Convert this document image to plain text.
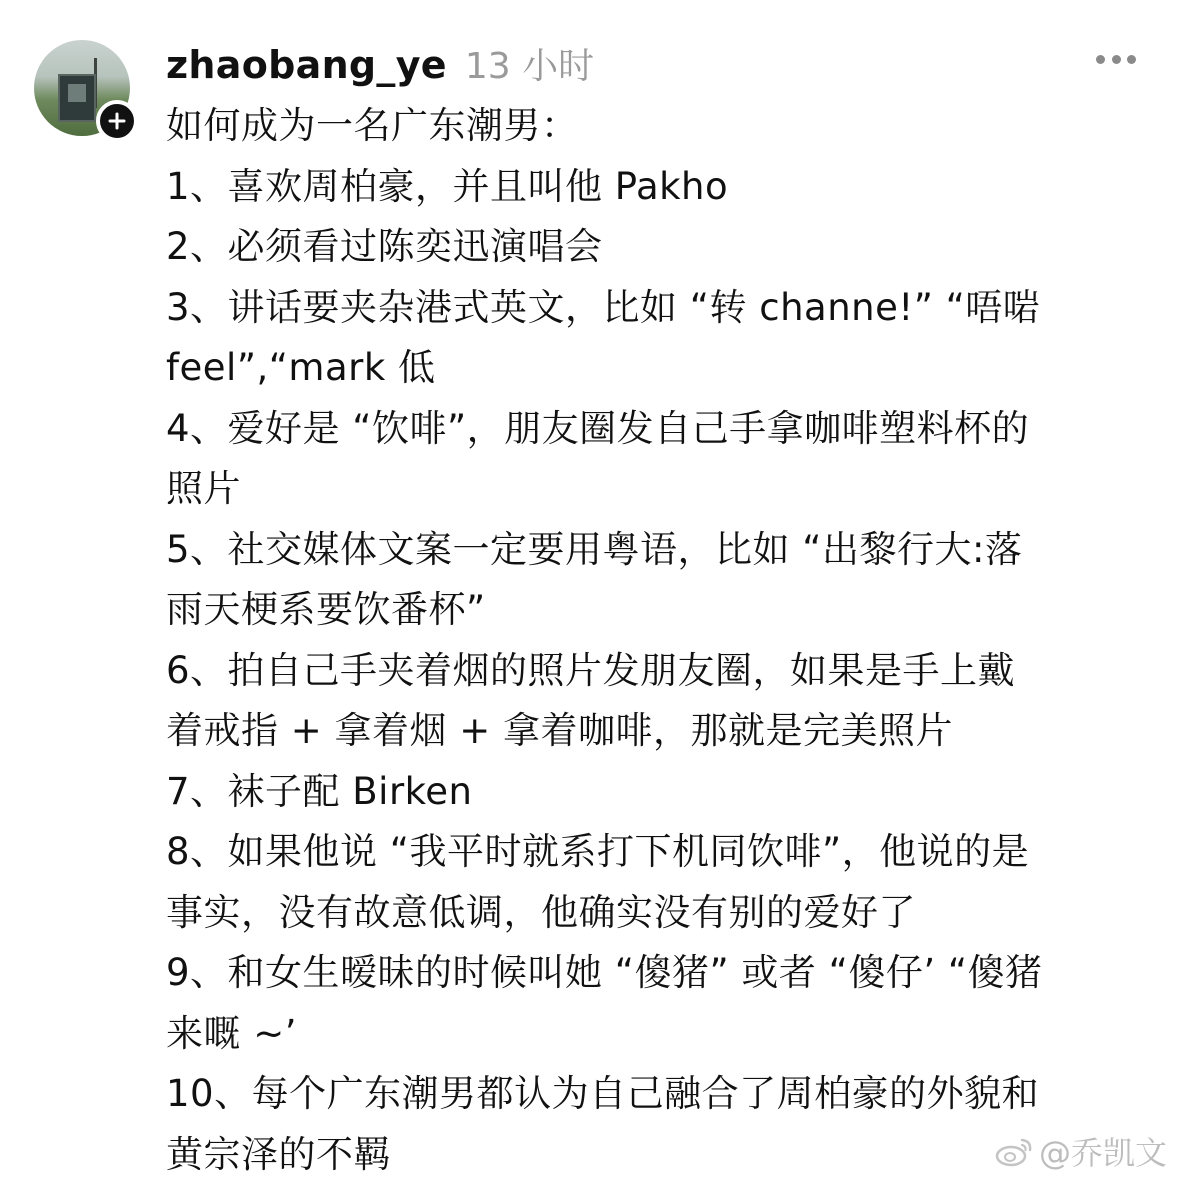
zhaobang_ye 13 小时
如何成为一名广东潮男：
1、喜欢周柏豪，并且叫他 Pakho
2、必须看过陈奕迅演唱会
3、讲话要夹杂港式英文，比如 “转 channe!” “唔啱
feel”,“mark 低
4、爱好是 “饮啡”，朋友圈发自己手拿咖啡塑料杯的
照片
5、社交媒体文案一定要用粤语，比如 “出黎行大:落
雨天梗系要饮番杯”
6、拍自己手夹着烟的照片发朋友圈，如果是手上戴
着戒指 + 拿着烟 + 拿着咖啡，那就是完美照片
7、袜子配 Birken
8、如果他说 “我平时就系打下机同饮啡”，他说的是
事实，没有故意低调，他确实没有别的爱好了
9、和女生暧昧的时候叫她 “傻猪” 或者 “傻仔’ “傻猪
来嘅 ~’
10、每个广东潮男都认为自己融合了周柏豪的外貌和
黄宗泽的不羁	@乔凯文
